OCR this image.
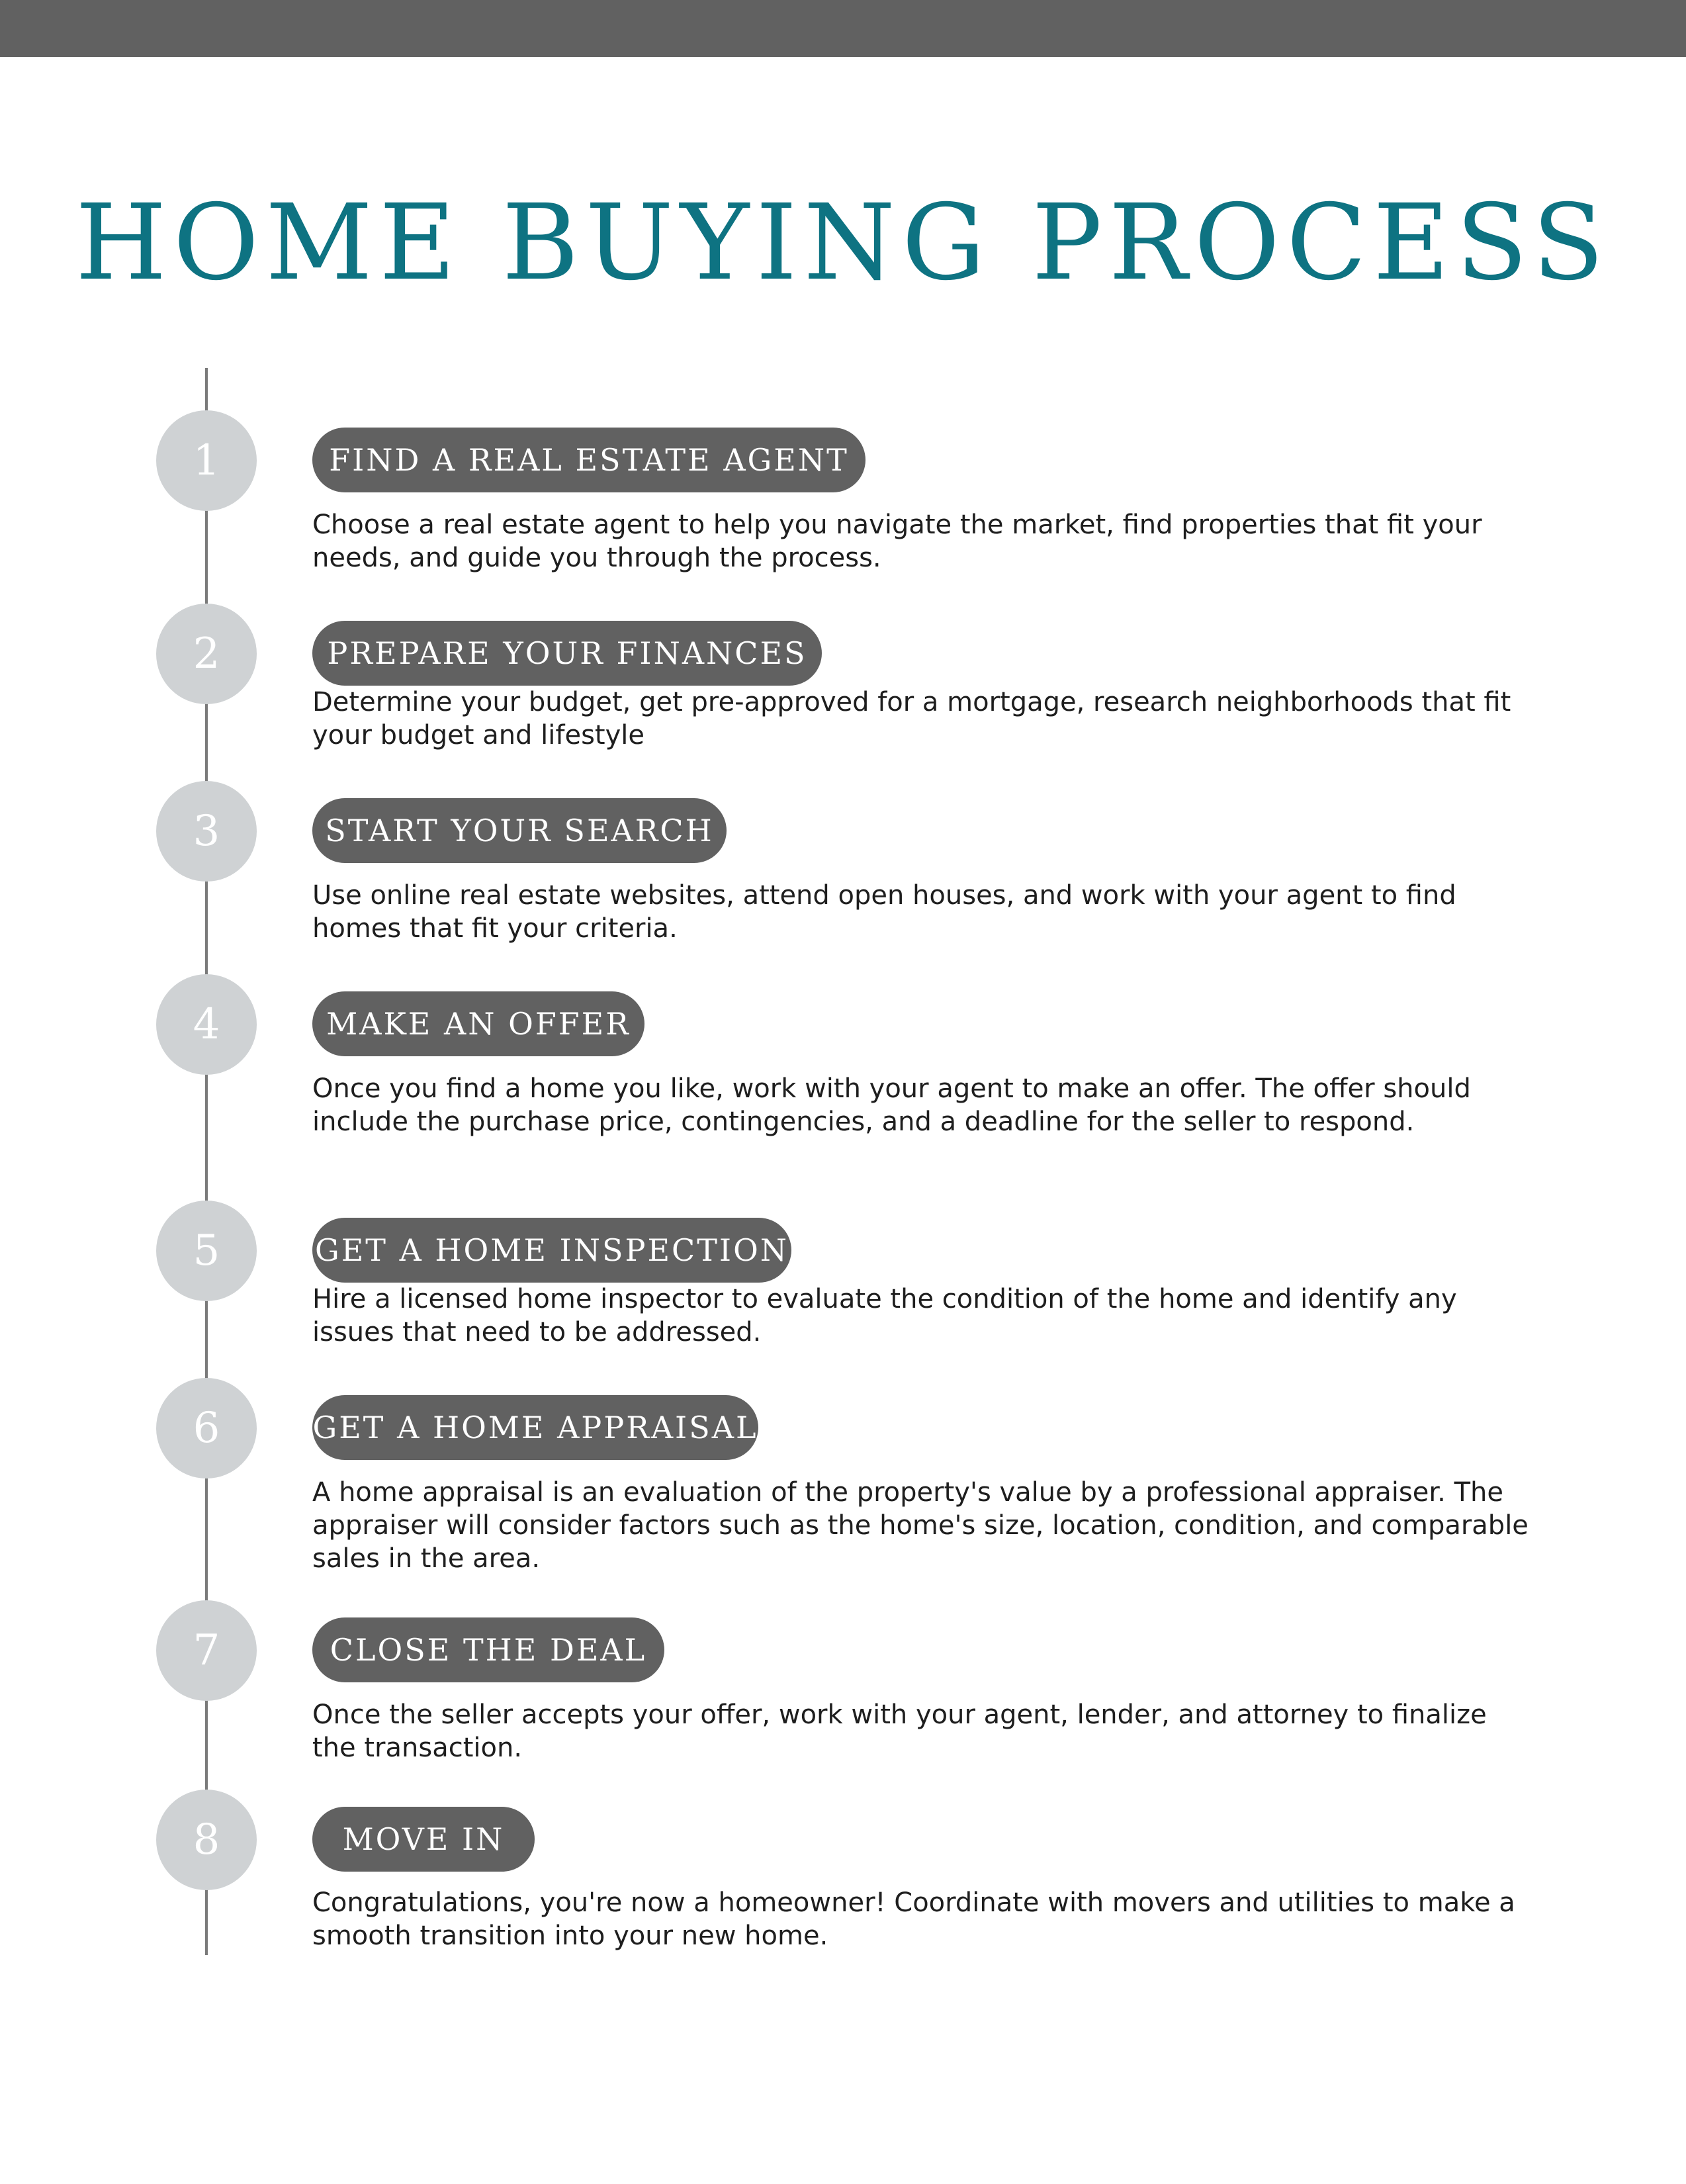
HOME BUYING PROCESS
1	FIND A REAL ESTATE AGENT

Choose a real estate agent to help you navigate the market, find properties that fit your needs, and guide you through the process.

2	PREPARE YOUR FINANCES

Determine your budget, get pre-approved for a mortgage, research neighborhoods that fit your budget and lifestyle

3	START YOUR SEARCH

Use online real estate websites, attend open houses, and work with your agent to find homes that fit your criteria.

4	MAKE AN OFFER

Once you find a home you like, work with your agent to make an offer. The offer should include the purchase price, contingencies, and a deadline for the seller to respond.

5	GET A HOME INSPECTION

Hire a licensed home inspector to evaluate the condition of the home and identify any issues that need to be addressed.

6	GET A HOME APPRAISAL

A home appraisal is an evaluation of the property's value by a professional appraiser. The appraiser will consider factors such as the home's size, location, condition, and comparable sales in the area.

7	CLOSE THE DEAL

Once the seller accepts your offer, work with your agent, lender, and attorney to finalize the transaction.

8	MOVE IN

Congratulations, you're now a homeowner! Coordinate with movers and utilities to make a smooth transition into your new home.
